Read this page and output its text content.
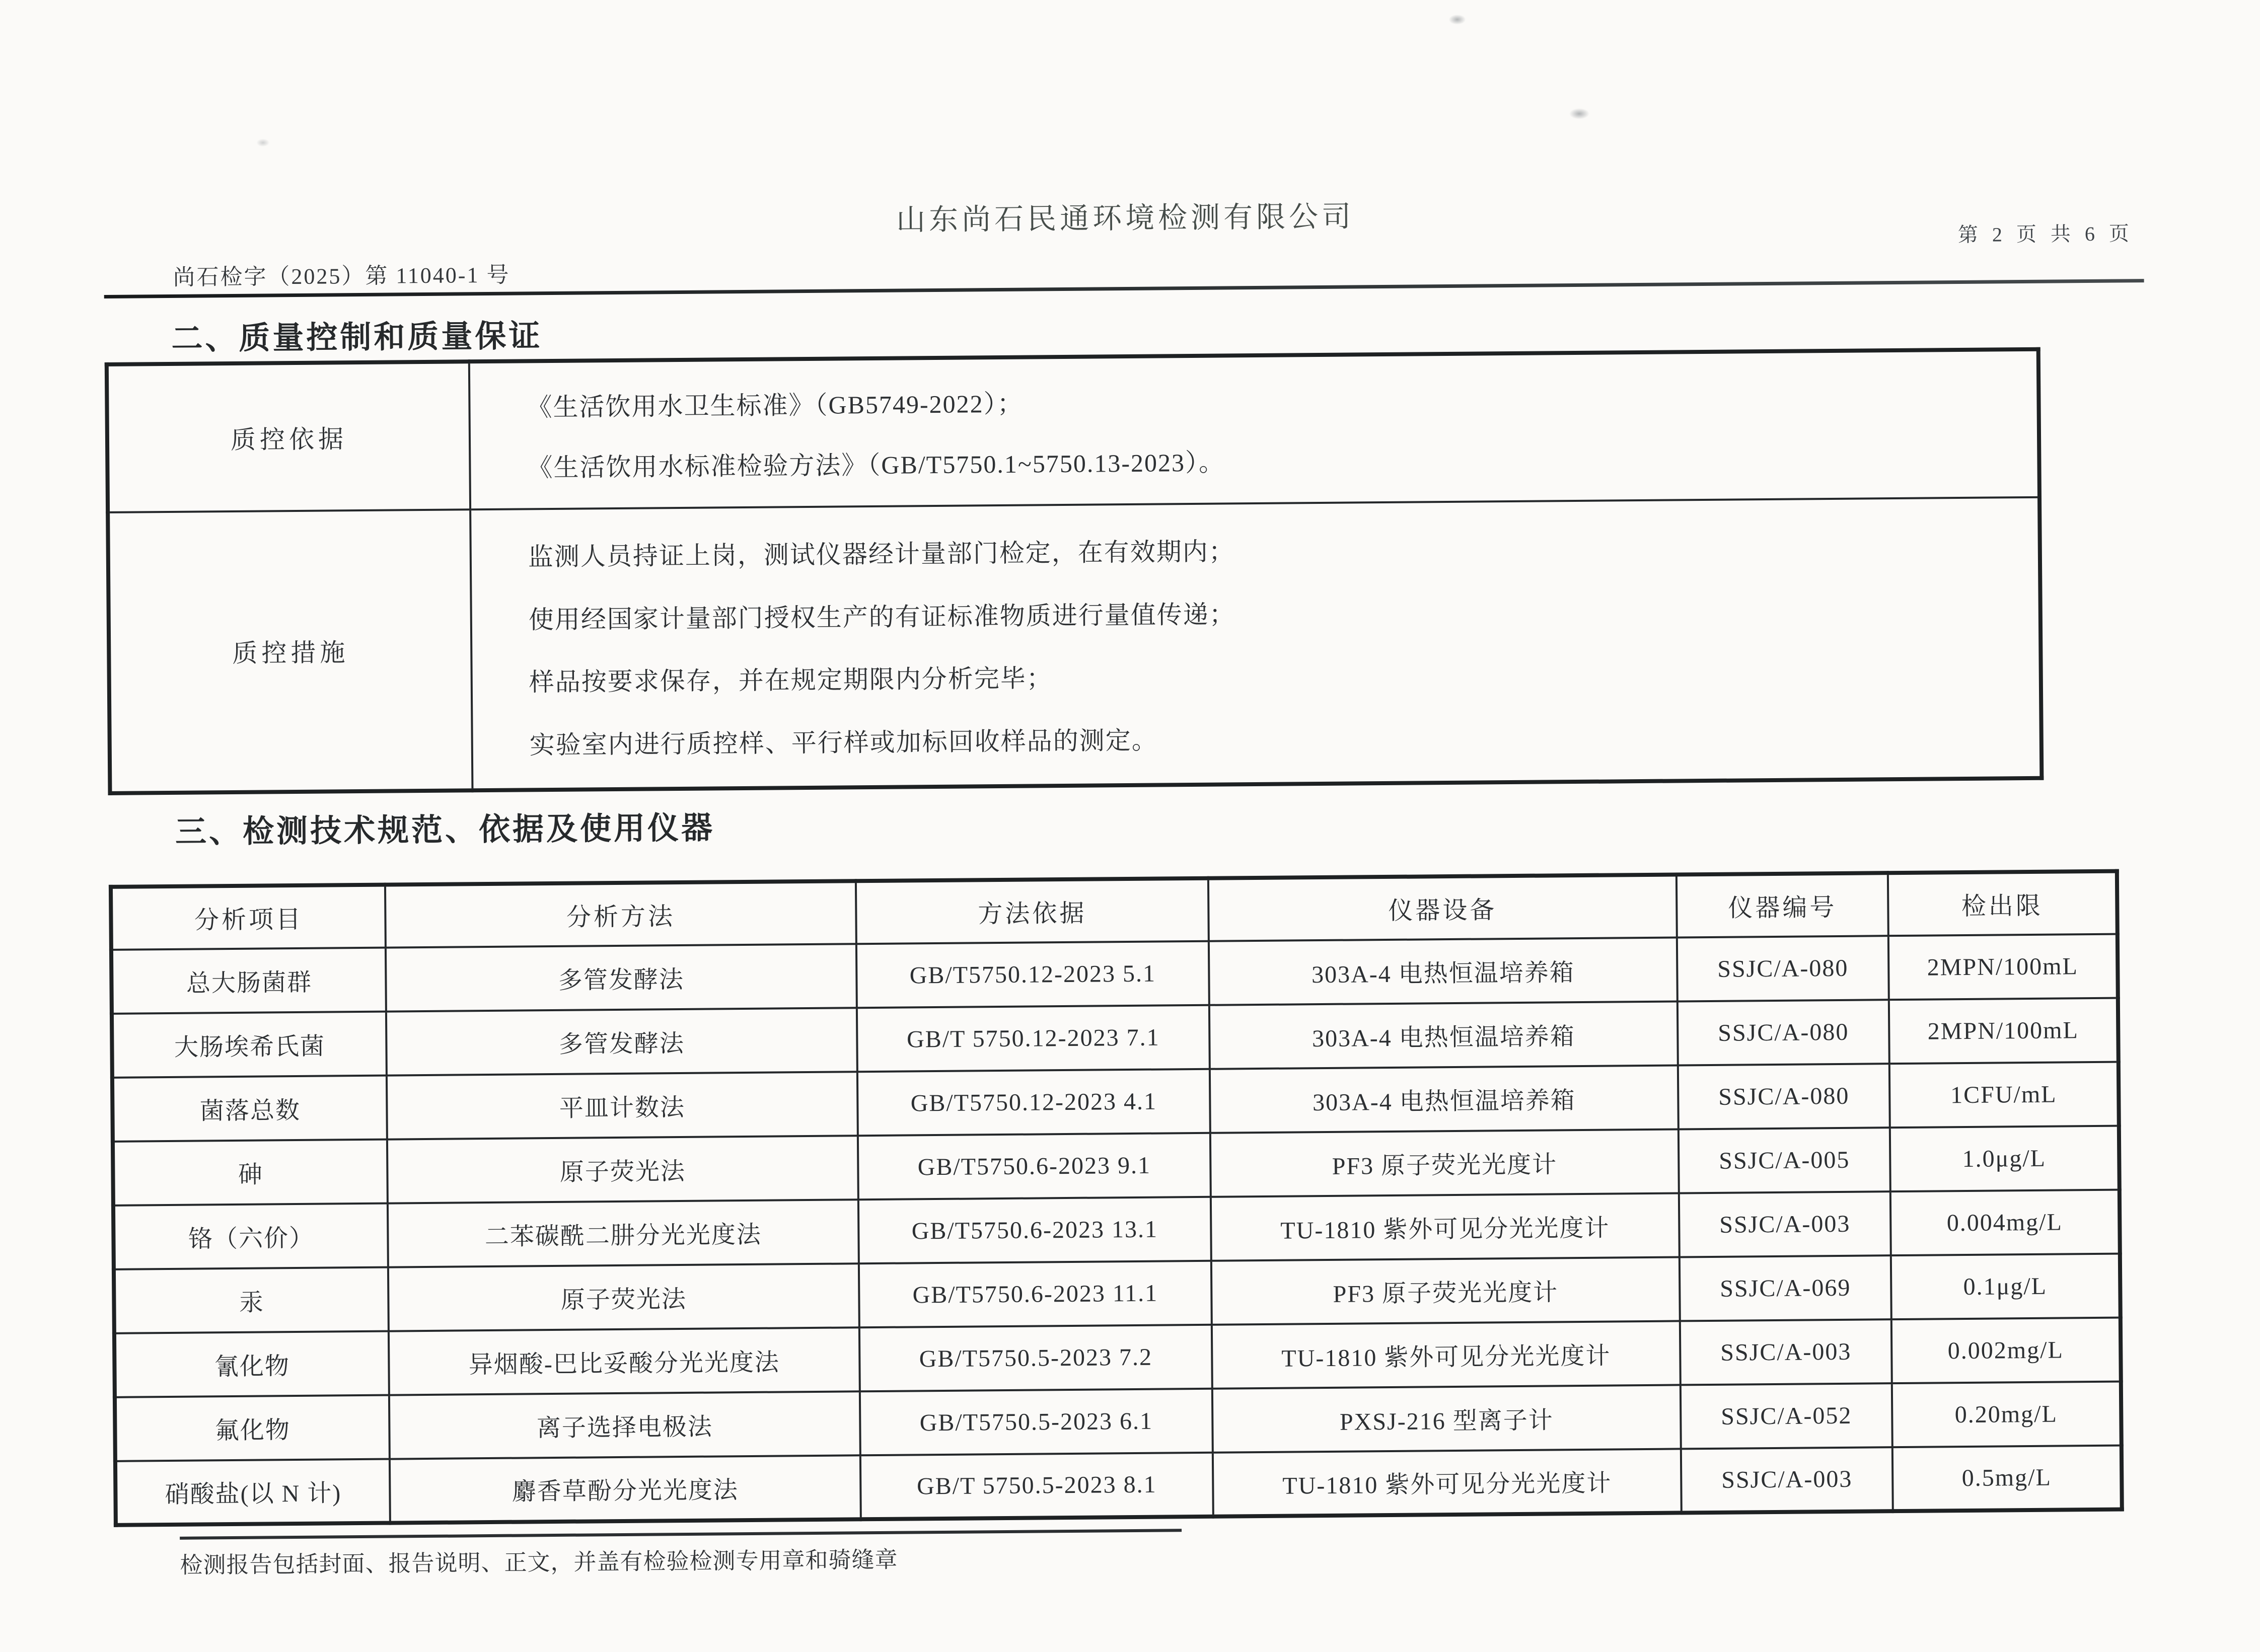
山东尚石民通环境检测有限公司	第 2 页 共 6 页
尚石检字（2025）第 11040-1 号
二、质量控制和质量保证
质控依据	《生活饮用水卫生标准》（GB5749-2022）；

《生活饮用水标准检验方法》（GB/T5750.1~5750.13-2023）。

质控措施	监测人员持证上岗，测试仪器经计量部门检定，在有效期内；

使用经国家计量部门授权生产的有证标准物质进行量值传递；

样品按要求保存，并在规定期限内分析完毕；

实验室内进行质控样、平行样或加标回收样品的测定。

三、检测技术规范、依据及使用仪器
分析项目	分析方法	方法依据	仪器设备	仪器编号	检出限
总大肠菌群	多管发酵法	GB/T5750.12-2023 5.1	303A-4 电热恒温培养箱	SSJC/A-080	2MPN/100mL
大肠埃希氏菌	多管发酵法	GB/T 5750.12-2023 7.1	303A-4 电热恒温培养箱	SSJC/A-080	2MPN/100mL
菌落总数	平皿计数法	GB/T5750.12-2023 4.1	303A-4 电热恒温培养箱	SSJC/A-080	1CFU/mL
砷	原子荧光法	GB/T5750.6-2023 9.1	PF3 原子荧光光度计	SSJC/A-005	1.0μg/L
铬（六价）	二苯碳酰二肼分光光度法	GB/T5750.6-2023 13.1	TU-1810 紫外可见分光光度计	SSJC/A-003	0.004mg/L
汞	原子荧光法	GB/T5750.6-2023 11.1	PF3 原子荧光光度计	SSJC/A-069	0.1μg/L
氰化物	异烟酸-巴比妥酸分光光度法	GB/T5750.5-2023 7.2	TU-1810 紫外可见分光光度计	SSJC/A-003	0.002mg/L
氟化物	离子选择电极法	GB/T5750.5-2023 6.1	PXSJ-216 型离子计	SSJC/A-052	0.20mg/L
硝酸盐(以 N 计)	麝香草酚分光光度法	GB/T 5750.5-2023 8.1	TU-1810 紫外可见分光光度计	SSJC/A-003	0.5mg/L
检测报告包括封面、报告说明、正文，并盖有检验检测专用章和骑缝章
